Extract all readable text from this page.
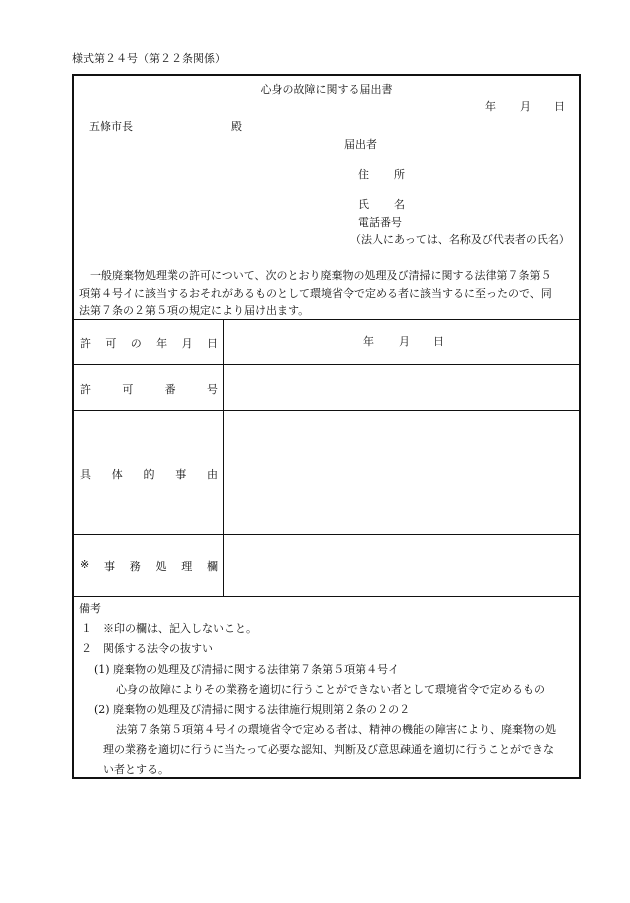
様式第２４号（第２２条関係）
心身の故障に関する届出書
年 月 日
五條市長	殿
届出者
住 所
氏 名
電話番号
（法人にあっては、名称及び代表者の氏名）
一般廃棄物処理業の許可について、次のとおり廃棄物の処理及び清掃に関する法律第７条第５
項第４号イに該当するおそれがあるものとして環境省令で定める者に該当するに至ったので、同
法第７条の２第５項の規定により届け出ます。
許 可 の 年 月 日	年 月 日
許	可	番	号
具 体 的 事 由
※ 事 務 処 理 欄
備考
１　※印の欄は、記入しないこと。
２　関係する法令の抜すい
(1) 廃棄物の処理及び清掃に関する法律第７条第５項第４号イ
心身の故障によりその業務を適切に行うことができない者として環境省令で定めるもの
(2) 廃棄物の処理及び清掃に関する法律施行規則第２条の２の２
法第７条第５項第４号イの環境省令で定める者は、精神の機能の障害により、廃棄物の処
理の業務を適切に行うに当たって必要な認知、判断及び意思疎通を適切に行うことができな
い者とする。
